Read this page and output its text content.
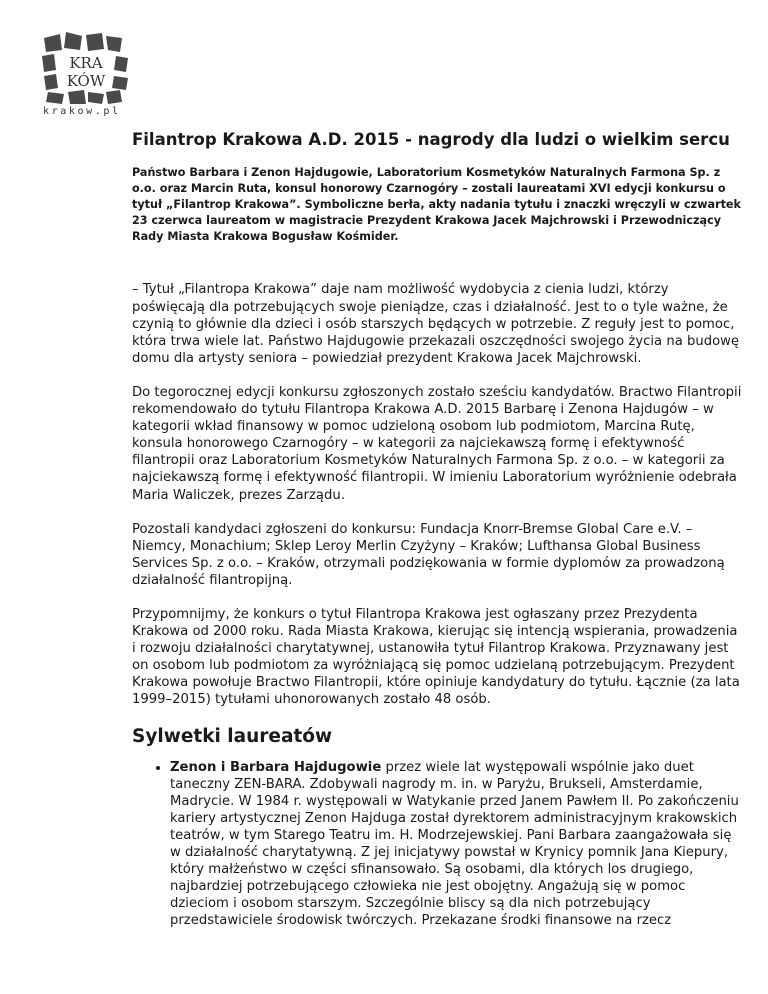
KRA
KÓW
krakow.pl
Filantrop Krakowa A.D. 2015 - nagrody dla ludzi o wielkim sercu
Państwo Barbara i Zenon Hajdugowie, Laboratorium Kosmetyków Naturalnych Farmona Sp. z o.o. oraz Marcin Ruta, konsul honorowy Czarnogóry – zostali laureatami XVI edycji konkursu o tytuł „Filantrop Krakowa”. Symboliczne berła, akty nadania tytułu i znaczki wręczyli w czwartek 23 czerwca laureatom w magistracie Prezydent Krakowa Jacek Majchrowski i Przewodniczący Rady Miasta Krakowa Bogusław Kośmider.

– Tytuł „Filantropa Krakowa” daje nam możliwość wydobycia z cienia ludzi, którzy poświęcają dla potrzebujących swoje pieniądze, czas i działalność. Jest to o tyle ważne, że czynią to głównie dla dzieci i osób starszych będących w potrzebie. Z reguły jest to pomoc, która trwa wiele lat. Państwo Hajdugowie przekazali oszczędności swojego życia na budowę domu dla artysty seniora – powiedział prezydent Krakowa Jacek Majchrowski.

Do tegorocznej edycji konkursu zgłoszonych zostało sześciu kandydatów. Bractwo Filantropii rekomendowało do tytułu Filantropa Krakowa A.D. 2015 Barbarę i Zenona Hajdugów – w kategorii wkład finansowy w pomoc udzieloną osobom lub podmiotom, Marcina Rutę, konsula honorowego Czarnogóry – w kategorii za najciekawszą formę i efektywność filantropii oraz Laboratorium Kosmetyków Naturalnych Farmona Sp. z o.o. – w kategorii za najciekawszą formę i efektywność filantropii. W imieniu Laboratorium wyróżnienie odebrała Maria Waliczek, prezes Zarządu.

Pozostali kandydaci zgłoszeni do konkursu: Fundacja Knorr-Bremse Global Care e.V. – Niemcy, Monachium; Sklep Leroy Merlin Czyżyny – Kraków; Lufthansa Global Business Services Sp. z o.o. – Kraków, otrzymali podziękowania w formie dyplomów za prowadzoną działalność filantropijną.

Przypomnijmy, że konkurs o tytuł Filantropa Krakowa jest ogłaszany przez Prezydenta Krakowa od 2000 roku. Rada Miasta Krakowa, kierując się intencją wspierania, prowadzenia i rozwoju działalności charytatywnej, ustanowiła tytuł Filantrop Krakowa. Przyznawany jest on osobom lub podmiotom za wyróżniającą się pomoc udzielaną potrzebującym. Prezydent Krakowa powołuje Bractwo Filantropii, które opiniuje kandydatury do tytułu. Łącznie (za lata 1999–2015) tytułami uhonorowanych zostało 48 osób.

Sylwetki laureatów
• Zenon i Barbara Hajdugowie przez wiele lat występowali wspólnie jako duet taneczny ZEN-BARA. Zdobywali nagrody m. in. w Paryżu, Brukseli, Amsterdamie, Madrycie. W 1984 r. występowali w Watykanie przed Janem Pawłem II. Po zakończeniu kariery artystycznej Zenon Hajduga został dyrektorem administracyjnym krakowskich teatrów, w tym Starego Teatru im. H. Modrzejewskiej. Pani Barbara zaangażowała się w działalność charytatywną. Z jej inicjatywy powstał w Krynicy pomnik Jana Kiepury, który małżeństwo w części sfinansowało. Są osobami, dla których los drugiego, najbardziej potrzebującego człowieka nie jest obojętny. Angażują się w pomoc dzieciom i osobom starszym. Szczególnie bliscy są dla nich potrzebujący przedstawiciele środowisk twórczych. Przekazane środki finansowe na rzecz
